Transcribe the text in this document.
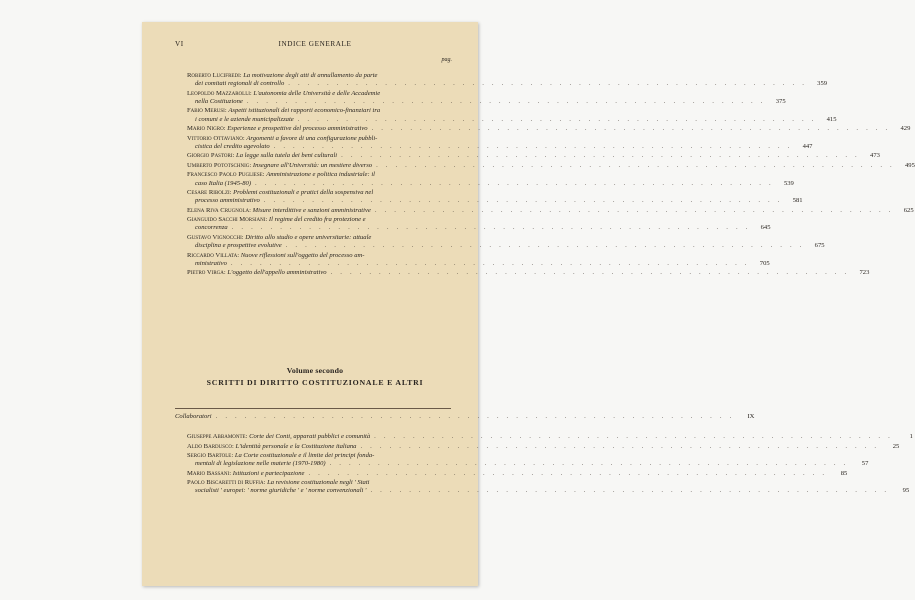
VI	INDICE GENERALE
pag.
Roberto Lucifredi: La motivazione degli atti di annullamento da parte
dei comitati regionali di controllo . . . . . . . . . . . . . . . . . . . . . . . . . . . . . . . . . . . . . . . . . . . . . . . . . . . . . .	359
Leopoldo Mazzarolli: L'autonomia delle Università e delle Accademie
nella Costituzione . . . . . . . . . . . . . . . . . . . . . . . . . . . . . . . . . . . . . . . . . . . . . . . . . . . . . .	375
Fabio Merusi: Aspetti istituzionali dei rapporti economico-finanziari tra
i comuni e le aziende municipalizzate . . . . . . . . . . . . . . . . . . . . . . . . . . . . . . . . . . . . . . . . . . . . . . . . . . . . . .	415
Mario Nigro: Esperienze e prospettive del processo amministrativo . . . . . . . . . . . . . . . . . . . . . . . . . . . . . . . . . . . . . . . . . . . . . . . . . . . . . .	429
Vittorio Ottaviano: Argomenti a favore di una configurazione pubbli-
cistica del credito agevolato . . . . . . . . . . . . . . . . . . . . . . . . . . . . . . . . . . . . . . . . . . . . . . . . . . . . . .	447
Giorgio Pastori: La legge sulla tutela dei beni culturali . . . . . . . . . . . . . . . . . . . . . . . . . . . . . . . . . . . . . . . . . . . . . . . . . . . . . .	473
Umberto Pototschnig: Insegnare all'Università: un mestiere diverso . . . . . . . . . . . . . . . . . . . . . . . . . . . . . . . . . . . . . . . . . . . . . . . . . . . . . .	495
Francesco Paolo Pugliese: Amministrazione e politica industriale: il
caso Italia (1945-80) . . . . . . . . . . . . . . . . . . . . . . . . . . . . . . . . . . . . . . . . . . . . . . . . . . . . . .	539
Cesare Ribolzi: Problemi costituzionali e pratici della sospensiva nel
processo amministrativo . . . . . . . . . . . . . . . . . . . . . . . . . . . . . . . . . . . . . . . . . . . . . . . . . . . . . .	581
Elena Riva Crugnola: Misure interdittive e sanzioni amministrative . . . . . . . . . . . . . . . . . . . . . . . . . . . . . . . . . . . . . . . . . . . . . . . . . . . . . .	625
Gianguido Sacchi Morsiani: Il regime del credito fra protezione e
concorrenza . . . . . . . . . . . . . . . . . . . . . . . . . . . . . . . . . . . . . . . . . . . . . . . . . . . . . .	645
Gustavo Vignocchi: Diritto allo studio e opere universitarie: attuale
disciplina e prospettive evolutive . . . . . . . . . . . . . . . . . . . . . . . . . . . . . . . . . . . . . . . . . . . . . . . . . . . . . .	675
Riccardo Villata: Nuove riflessioni sull'oggetto del processo am-
ministrativo . . . . . . . . . . . . . . . . . . . . . . . . . . . . . . . . . . . . . . . . . . . . . . . . . . . . . .	705
Pietro Virga: L'oggetto dell'appello amministrativo . . . . . . . . . . . . . . . . . . . . . . . . . . . . . . . . . . . . . . . . . . . . . . . . . . . . . .	723
Volume secondo
SCRITTI DI DIRITTO COSTITUZIONALE E ALTRI
Collaboratori . . . . . . . . . . . . . . . . . . . . . . . . . . . . . . . . . . . . . . . . . . . . . . . . . . . . . .	IX
Giuseppe Abbamonte: Corte dei Conti, apparati pubblici e comunità . . . . . . . . . . . . . . . . . . . . . . . . . . . . . . . . . . . . . . . . . . . . . . . . . . . . . .	1
Aldo Bardusco: L'identità personale e la Costituzione italiana . . . . . . . . . . . . . . . . . . . . . . . . . . . . . . . . . . . . . . . . . . . . . . . . . . . . . .	25
Sergio Bartole: La Corte costituzionale e il limite dei principi fonda-
mentali di legislazione nelle materie (1970-1980) . . . . . . . . . . . . . . . . . . . . . . . . . . . . . . . . . . . . . . . . . . . . . . . . . . . . . .	57
Mario Bassani: Istituzioni e partecipazione . . . . . . . . . . . . . . . . . . . . . . . . . . . . . . . . . . . . . . . . . . . . . . . . . . . . . .	85
Paolo Biscaretti di Ruffia: La revisione costituzionale negli ' Stati
socialisti ' europei: ' norme giuridiche ' e ' norme convenzionali ' . . . . . . . . . . . . . . . . . . . . . . . . . . . . . . . . . . . . . . . . . . . . . . . . . . . . . .	95
